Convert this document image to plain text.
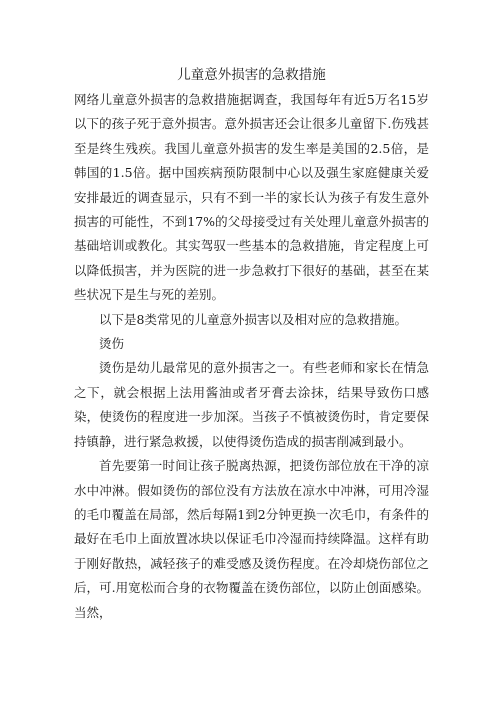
儿童意外损害的急救措施

网络儿童意外损害的急救措施据调查，我国每年有近5万名15岁以下的孩子死于意外损害。意外损害还会让很多儿童留下.伤残甚至是终生残疾。我国儿童意外损害的发生率是美国的2.5倍，是韩国的1.5倍。据中国疾病预防限制中心以及强生家庭健康关爱安排最近的调查显示，只有不到一半的家长认为孩子有发生意外损害的可能性，不到17%的父母接受过有关处理儿童意外损害的基础培训或教化。其实驾驭一些基本的急救措施，肯定程度上可以降低损害，并为医院的进一步急救打下很好的基础，甚至在某些状况下是生与死的差别。

以下是8类常见的儿童意外损害以及相对应的急救措施。

烫伤

烫伤是幼儿最常见的意外损害之一。有些老师和家长在情急之下，就会根据上法用酱油或者牙膏去涂抹，结果导致伤口感染，使烫伤的程度进一步加深。当孩子不慎被烫伤时，肯定要保持镇静，进行紧急救援，以使得烫伤造成的损害削减到最小。

首先要第一时间让孩子脱离热源，把烫伤部位放在干净的凉水中冲淋。假如烫伤的部位没有方法放在凉水中冲淋，可用冷湿的毛巾覆盖在局部，然后每隔1到2分钟更换一次毛巾，有条件的最好在毛巾上面放置冰块以保证毛巾冷湿而持续降温。这样有助于刚好散热，减轻孩子的难受感及烫伤程度。在冷却烧伤部位之后，可.用宽松而合身的衣物覆盖在烫伤部位，以防止创面感染。当然，
